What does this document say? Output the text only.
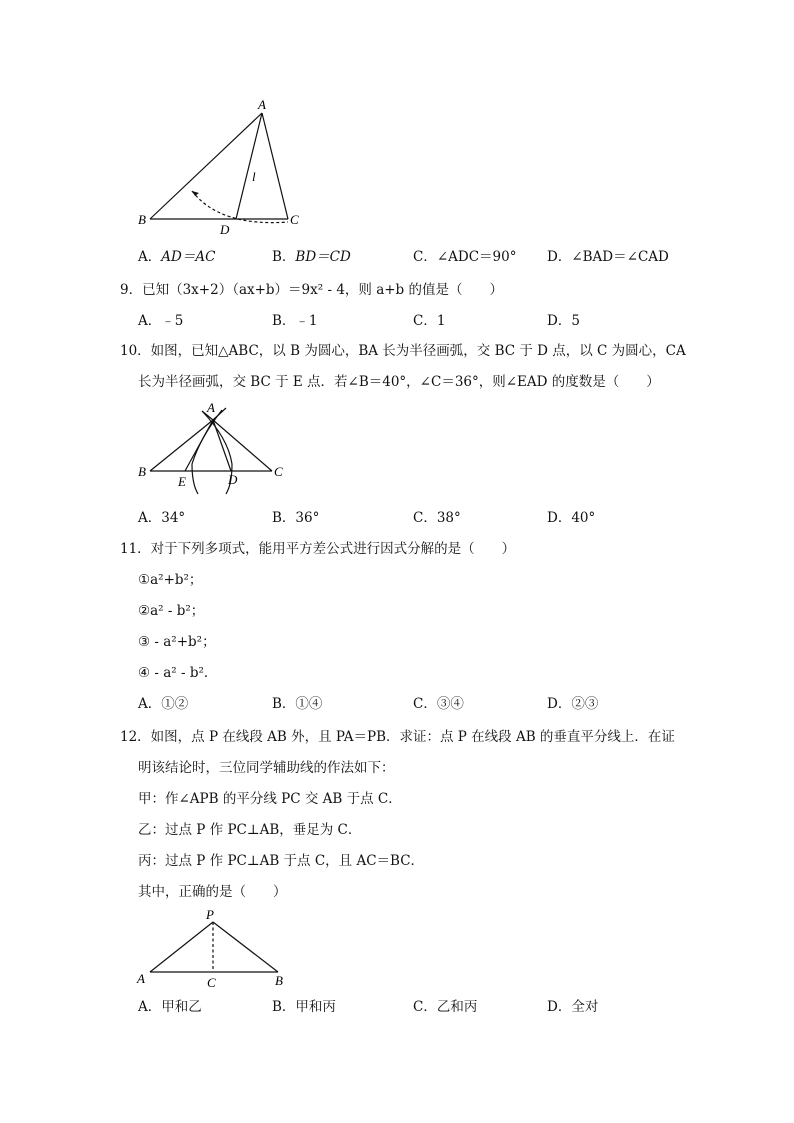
A
B	C
D
l
A．AD＝AC	B．BD＝CD	C．∠ADC＝90° D．∠BAD＝∠CAD
9．已知（3x+2）（ax+b）＝9x² - 4，则 a+b 的值是（　　）
A．﹣5	B．﹣1	C．1	D．5
10．如图，已知△ABC，以 B 为圆心，BA 长为半径画弧，交 BC 于 D 点，以 C 为圆心，CA
长为半径画弧，交 BC 于 E 点．若∠B＝40°，∠C＝36°，则∠EAD 的度数是（　　）
A
B	C
D
E
A．34°	B．36°	C．38°	D．40°
11．对于下列多项式，能用平方差公式进行因式分解的是（　　）
①a²+b²；
②a² - b²；
③ - a²+b²；
④ - a² - b²．
A．①②	B．①④	C．③④	D．②③
12．如图，点 P 在线段 AB 外，且 PA＝PB．求证：点 P 在线段 AB 的垂直平分线上．在证
明该结论时，三位同学辅助线的作法如下：
甲：作∠APB 的平分线 PC 交 AB 于点 C．
乙：过点 P 作 PC⊥AB，垂足为 C．
丙：过点 P 作 PC⊥AB 于点 C，且 AC＝BC．
其中，正确的是（　　）
P
A	B
C
A．甲和乙	B．甲和丙	C．乙和丙	D．全对
